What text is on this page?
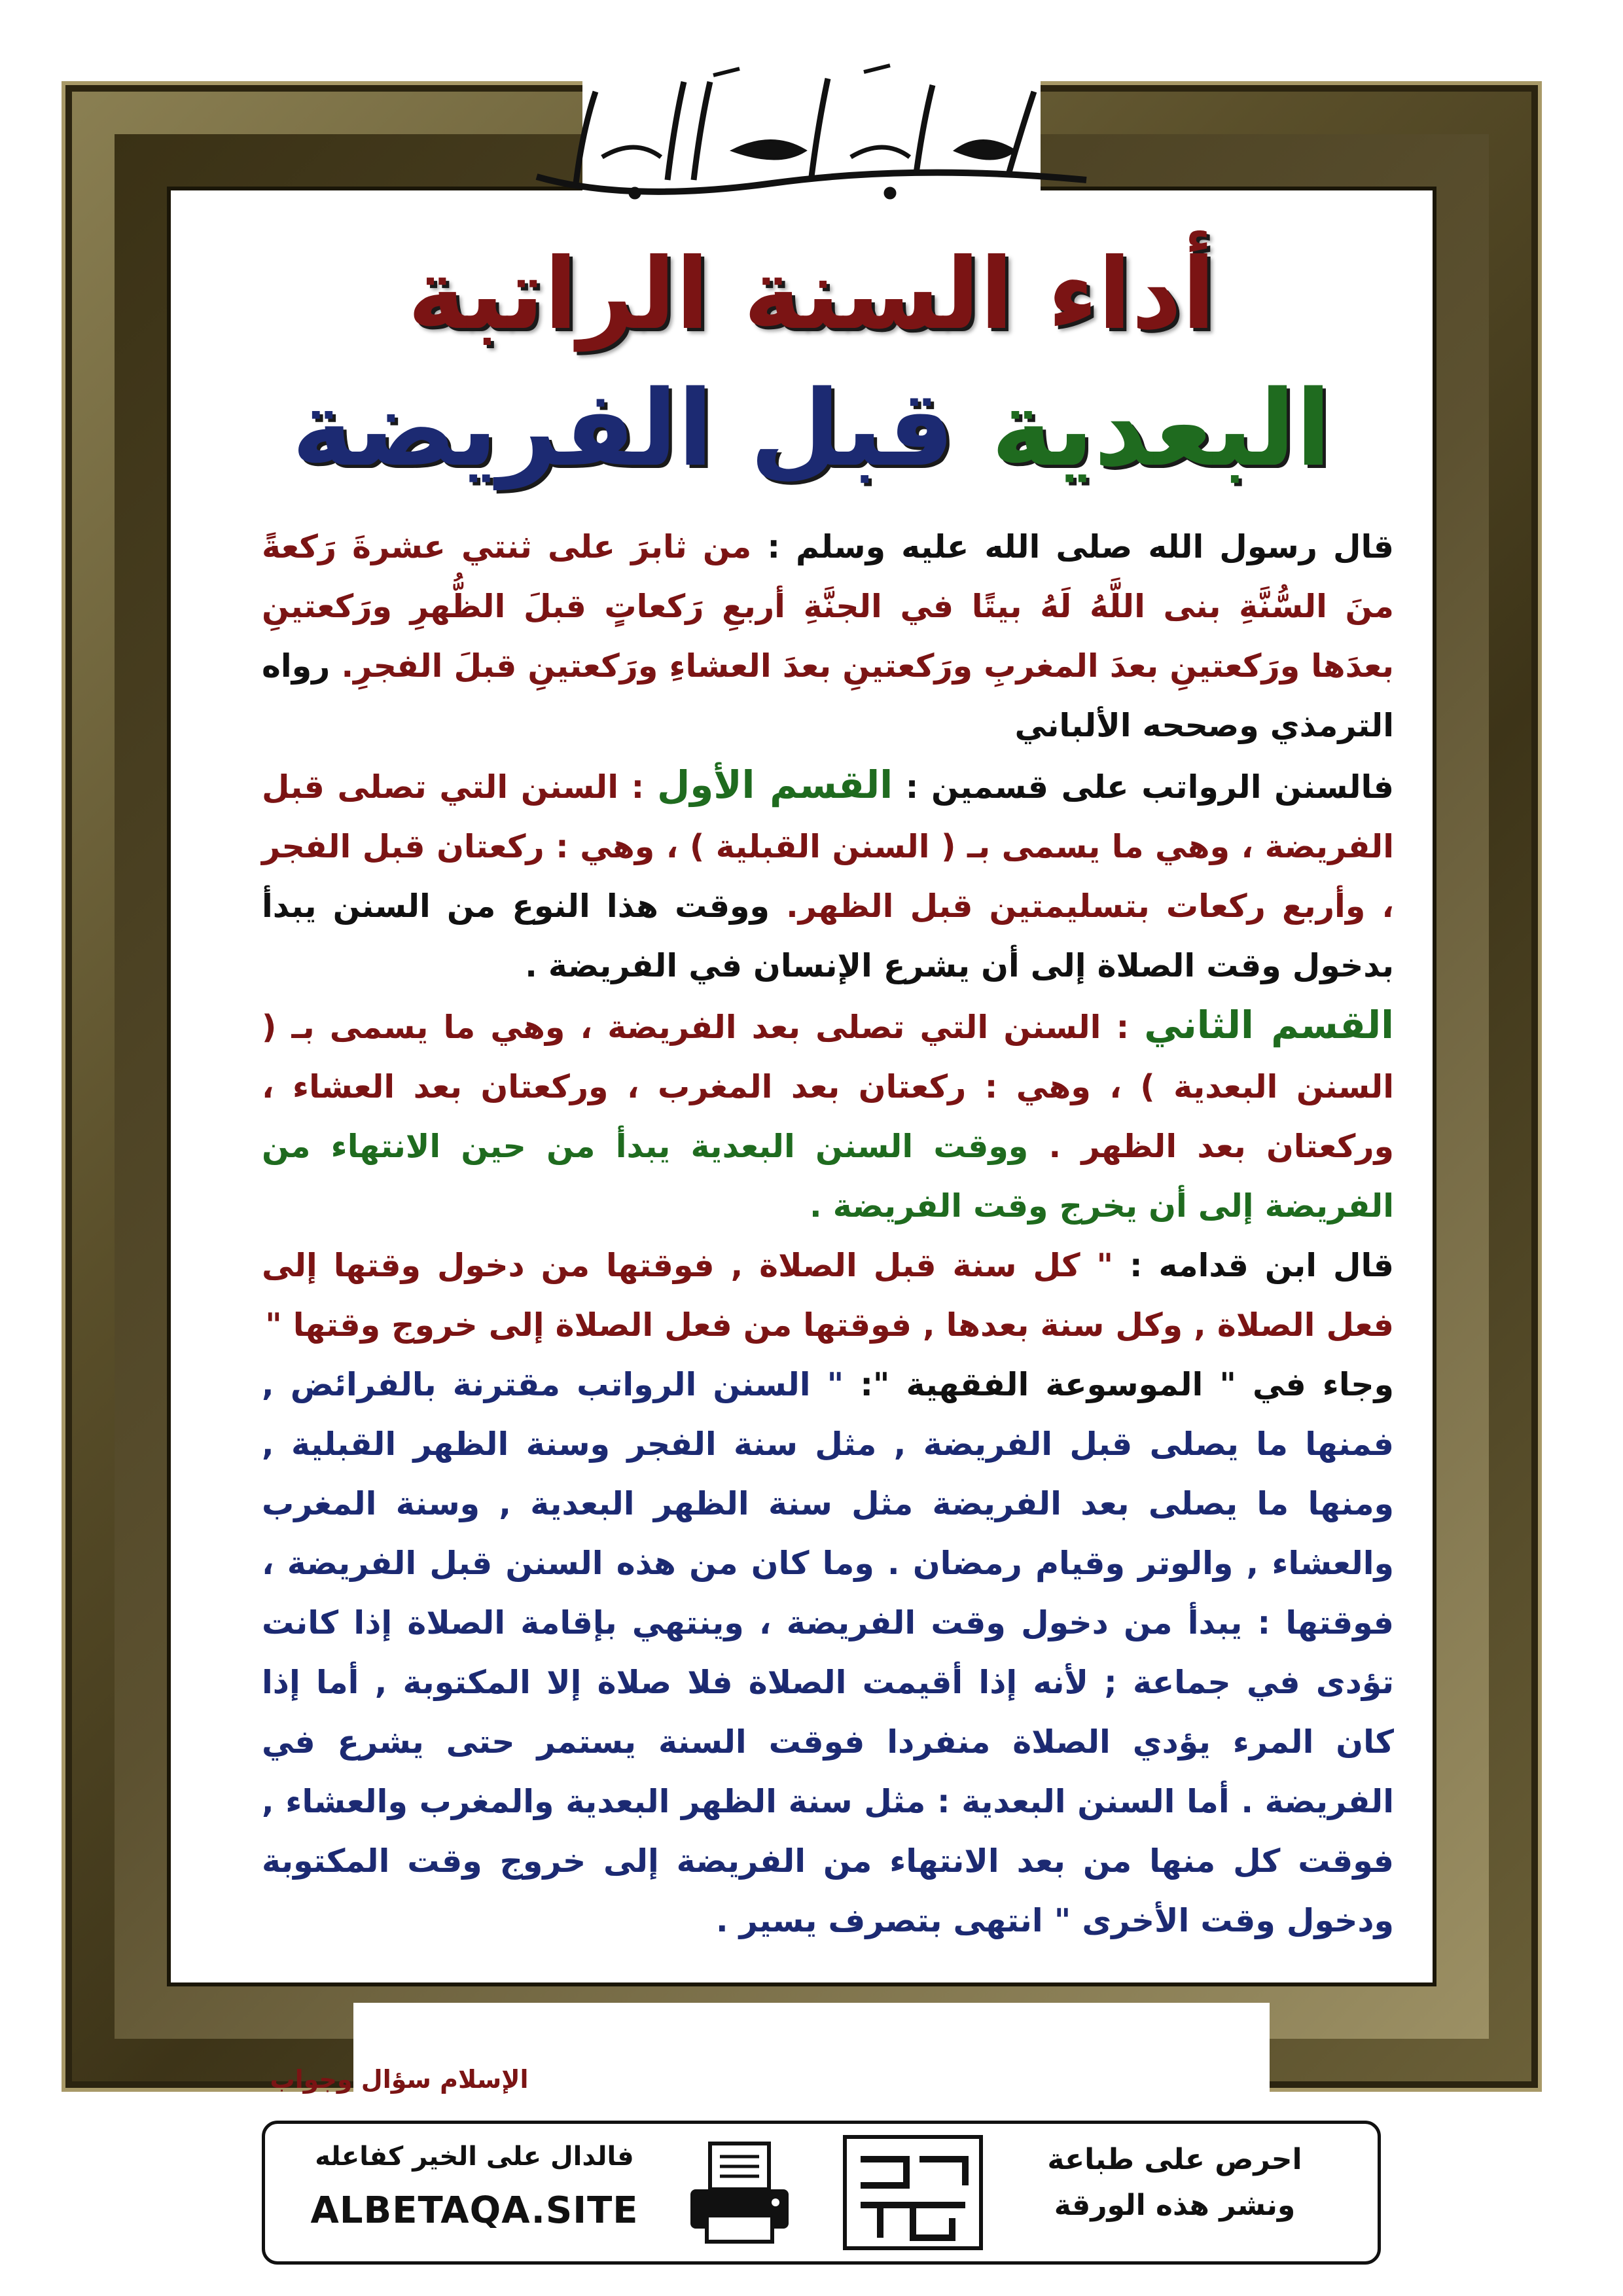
أداء السنة الراتبة
البعدية قبل الفريضة

قال رسول الله صلى الله عليه وسلم : من ثابرَ على ثنتي عشرةَ رَكعةً منَ السُّنَّةِ بنى اللَّهُ لَهُ بيتًا في الجنَّةِ أربعِ رَكعاتٍ قبلَ الظُّهرِ ورَكعتينِ بعدَها ورَكعتينِ بعدَ المغربِ ورَكعتينِ بعدَ العشاءِ ورَكعتينِ قبلَ الفجرِ. رواه الترمذي وصححه الألباني

فالسنن الرواتب على قسمين : القسم الأول : السنن التي تصلى قبل الفريضة ، وهي ما يسمى بـ ( السنن القبلية ) ، وهي : ركعتان قبل الفجر ، وأربع ركعات بتسليمتين قبل الظهر. ووقت هذا النوع من السنن يبدأ بدخول وقت الصلاة إلى أن يشرع الإنسان في الفريضة .

القسم الثاني : السنن التي تصلى بعد الفريضة ، وهي ما يسمى بـ ( السنن البعدية ) ، وهي : ركعتان بعد المغرب ، وركعتان بعد العشاء ، وركعتان بعد الظهر . ووقت السنن البعدية يبدأ من حين الانتهاء من الفريضة إلى أن يخرج وقت الفريضة .

قال ابن قدامه : " كل سنة قبل الصلاة , فوقتها من دخول وقتها إلى فعل الصلاة , وكل سنة بعدها , فوقتها من فعل الصلاة إلى خروج وقتها "

وجاء في " الموسوعة الفقهية ": " السنن الرواتب مقترنة بالفرائض , فمنها ما يصلى قبل الفريضة , مثل سنة الفجر وسنة الظهر القبلية , ومنها ما يصلى بعد الفريضة مثل سنة الظهر البعدية , وسنة المغرب والعشاء , والوتر وقيام رمضان . وما كان من هذه السنن قبل الفريضة ، فوقتها : يبدأ من دخول وقت الفريضة ، وينتهي بإقامة الصلاة إذا كانت تؤدى في جماعة ; لأنه إذا أقيمت الصلاة فلا صلاة إلا المكتوبة , أما إذا كان المرء يؤدي الصلاة منفردا فوقت السنة يستمر حتى يشرع في الفريضة . أما السنن البعدية : مثل سنة الظهر البعدية والمغرب والعشاء , فوقت كل منها من بعد الانتهاء من الفريضة إلى خروج وقت المكتوبة ودخول وقت الأخرى " انتهى بتصرف يسير .

الإسلام سؤال وجواب
احرص على طباعة
ونشر هذه الورقة
فالدال على الخير كفاعله
ALBETAQA.SITE
